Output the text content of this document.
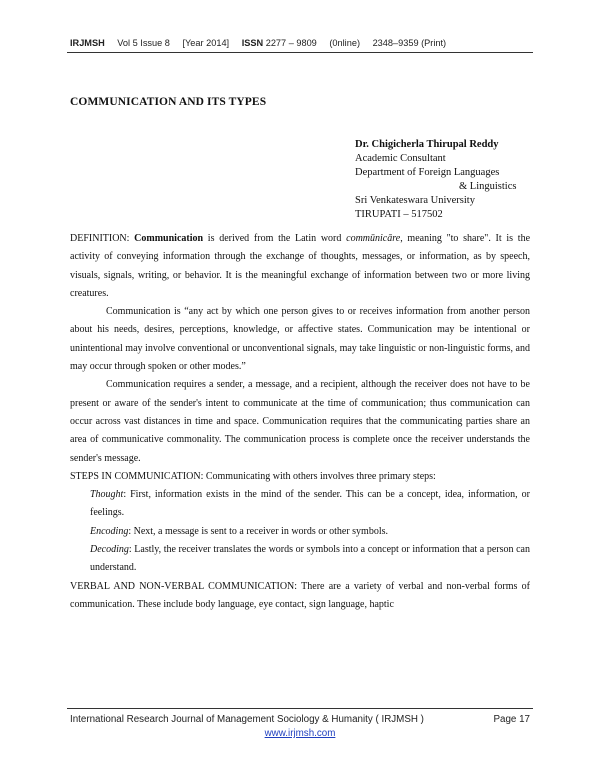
IRJMSH Vol 5 Issue 8 [Year 2014] ISSN 2277 – 9809 (0nline) 2348–9359 (Print)
COMMUNICATION AND ITS TYPES
Dr. Chigicherla Thirupal Reddy
Academic Consultant
Department of Foreign Languages
& Linguistics
Sri Venkateswara University
TIRUPATI – 517502

DEFINITION: Communication is derived from the Latin word commūnicāre, meaning "to share". It is the activity of conveying information through the exchange of thoughts, messages, or information, as by speech, visuals, signals, writing, or behavior. It is the meaningful exchange of information between two or more living creatures.

Communication is “any act by which one person gives to or receives information from another person about his needs, desires, perceptions, knowledge, or affective states. Communication may be intentional or unintentional may involve conventional or unconventional signals, may take linguistic or non-linguistic forms, and may occur through spoken or other modes.”

Communication requires a sender, a message, and a recipient, although the receiver does not have to be present or aware of the sender's intent to communicate at the time of communication; thus communication can occur across vast distances in time and space. Communication requires that the communicating parties share an area of communicative commonality. The communication process is complete once the receiver understands the sender's message.

STEPS IN COMMUNICATION: Communicating with others involves three primary steps:

Thought: First, information exists in the mind of the sender. This can be a concept, idea, information, or feelings.

Encoding: Next, a message is sent to a receiver in words or other symbols.

Decoding: Lastly, the receiver translates the words or symbols into a concept or information that a person can understand.

VERBAL AND NON-VERBAL COMMUNICATION: There are a variety of verbal and non-verbal forms of communication. These include body language, eye contact, sign language, haptic

International Research Journal of Management Sociology & Humanity ( IRJMSH )	Page 17
www.irjmsh.com
